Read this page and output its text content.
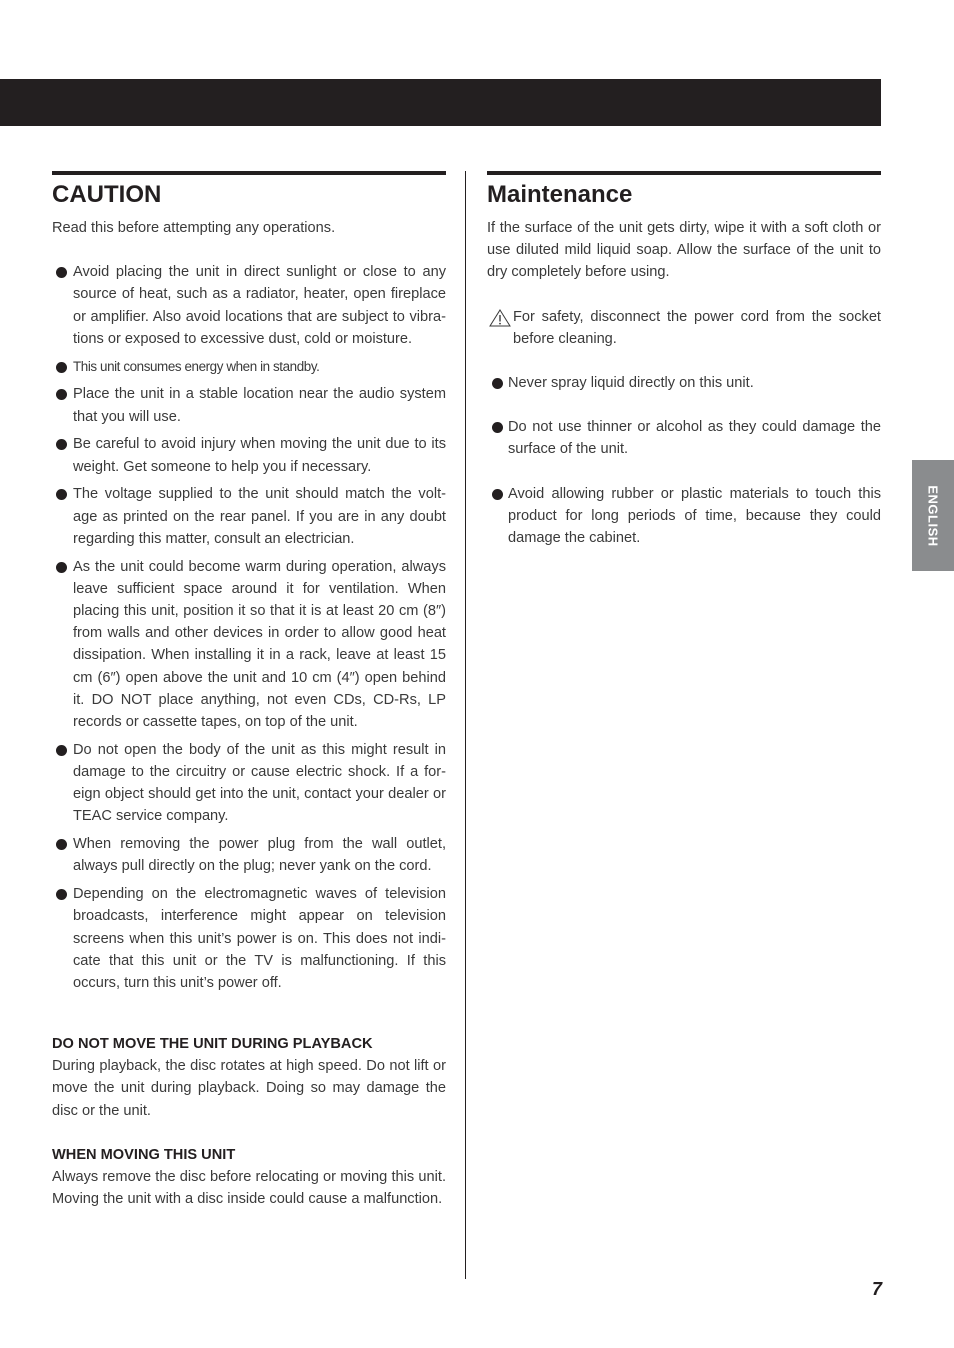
CAUTION

Read this before attempting any operations.

Avoid placing the unit in direct sunlight or close to any source of heat, such as a radiator, heater, open fireplace or amplifier. Also avoid locations that are subject to vibra-tions or exposed to excessive dust, cold or moisture.
This unit consumes energy when in standby.
Place the unit in a stable location near the audio system that you will use.
Be careful to avoid injury when moving the unit due to its weight. Get someone to help you if necessary.
The voltage supplied to the unit should match the volt-age as printed on the rear panel. If you are in any doubt regarding this matter, consult an electrician.
As the unit could become warm during operation, always leave sufficient space around it for ventilation. When placing this unit, position it so that it is at least 20 cm (8″) from walls and other devices in order to allow good heat dissipation. When installing it in a rack, leave at least 15 cm (6″) open above the unit and 10 cm (4″) open behind it. DO NOT place anything, not even CDs, CD-Rs, LP records or cassette tapes, on top of the unit.
Do not open the body of the unit as this might result in damage to the circuitry or cause electric shock. If a for-eign object should get into the unit, contact your dealer or TEAC service company.
When removing the power plug from the wall outlet, always pull directly on the plug; never yank on the cord.
Depending on the electromagnetic waves of television broadcasts, interference might appear on television screens when this unit’s power is on. This does not indi-cate that this unit or the TV is malfunctioning. If this occurs, turn this unit’s power off.

DO NOT MOVE THE UNIT DURING PLAYBACK

During playback, the disc rotates at high speed. Do not lift or move the unit during playback. Doing so may damage the disc or the unit.

WHEN MOVING THIS UNIT

Always remove the disc before relocating or moving this unit. Moving the unit with a disc inside could cause a malfunction.

Maintenance

If the surface of the unit gets dirty, wipe it with a soft cloth or use diluted mild liquid soap. Allow the surface of the unit to dry completely before using.

For safety, disconnect the power cord from the socket before cleaning.

Never spray liquid directly on this unit.
Do not use thinner or alcohol as they could damage the surface of the unit.
Avoid allowing rubber or plastic materials to touch this product for long periods of time, because they could damage the cabinet.	ENGLISH
7
